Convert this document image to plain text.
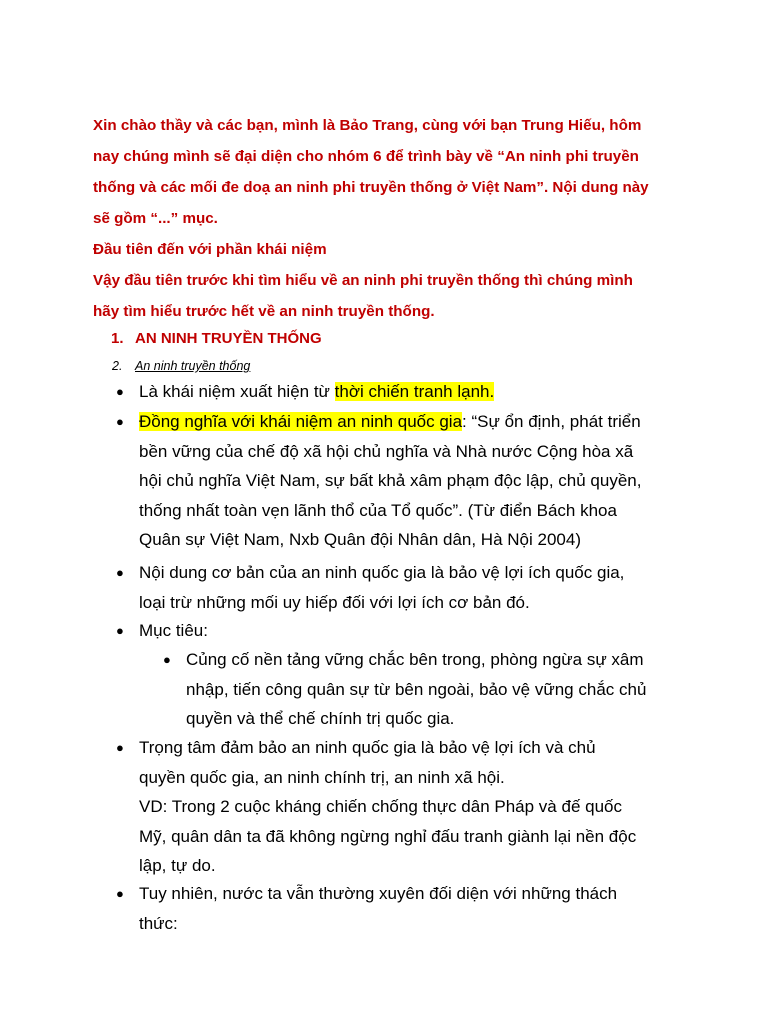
Xin chào thầy và các bạn, mình là Bảo Trang, cùng với bạn Trung Hiếu, hôm
nay chúng mình sẽ đại diện cho nhóm 6 để trình bày về “An ninh phi truyền
thống và các mối đe doạ an ninh phi truyền thống ở Việt Nam”. Nội dung này
sẽ gồm “...” mục.
Đầu tiên đến với phần khái niệm
Vậy đầu tiên trước khi tìm hiểu về an ninh phi truyền thống thì chúng mình
hãy tìm hiểu trước hết về an ninh truyền thống.
1. AN NINH TRUYỀN THỐNG
2. An ninh truyền thống
● Là khái niệm xuất hiện từ thời chiến tranh lạnh.
● Đồng nghĩa với khái niệm an ninh quốc gia: “Sự ổn định, phát triển
bền vững của chế độ xã hội chủ nghĩa và Nhà nước Cộng hòa xã
hội chủ nghĩa Việt Nam, sự bất khả xâm phạm độc lập, chủ quyền,
thống nhất toàn vẹn lãnh thổ của Tổ quốc”. (Từ điển Bách khoa
Quân sự Việt Nam, Nxb Quân đội Nhân dân, Hà Nội 2004)
● Nội dung cơ bản của an ninh quốc gia là bảo vệ lợi ích quốc gia,
loại trừ những mối uy hiếp đối với lợi ích cơ bản đó.
● Mục tiêu:
● Củng cố nền tảng vững chắc bên trong, phòng ngừa sự xâm
nhập, tiến công quân sự từ bên ngoài, bảo vệ vững chắc chủ
quyền và thể chế chính trị quốc gia.
● Trọng tâm đảm bảo an ninh quốc gia là bảo vệ lợi ích và chủ
quyền quốc gia, an ninh chính trị, an ninh xã hội.
VD: Trong 2 cuộc kháng chiến chống thực dân Pháp và đế quốc
Mỹ, quân dân ta đã không ngừng nghỉ đấu tranh giành lại nền độc
lập, tự do.
● Tuy nhiên, nước ta vẫn thường xuyên đối diện với những thách
thức:
